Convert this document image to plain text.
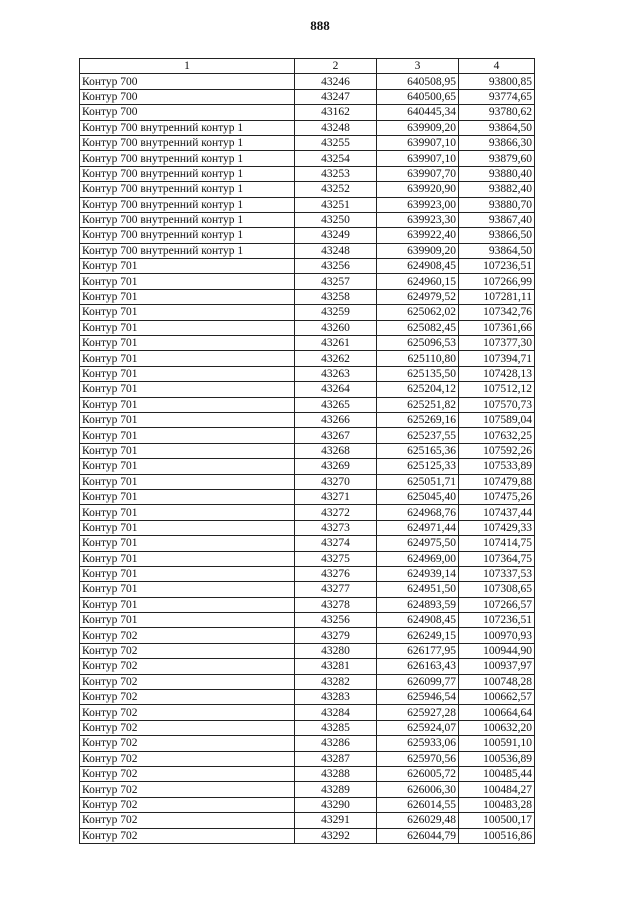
888
1	2	3	4
Контур 700	43246	640508,95	93800,85
Контур 700	43247	640500,65	93774,65
Контур 700	43162	640445,34	93780,62
Контур 700 внутренний контур 1	43248	639909,20	93864,50
Контур 700 внутренний контур 1	43255	639907,10	93866,30
Контур 700 внутренний контур 1	43254	639907,10	93879,60
Контур 700 внутренний контур 1	43253	639907,70	93880,40
Контур 700 внутренний контур 1	43252	639920,90	93882,40
Контур 700 внутренний контур 1	43251	639923,00	93880,70
Контур 700 внутренний контур 1	43250	639923,30	93867,40
Контур 700 внутренний контур 1	43249	639922,40	93866,50
Контур 700 внутренний контур 1	43248	639909,20	93864,50
Контур 701	43256	624908,45	107236,51
Контур 701	43257	624960,15	107266,99
Контур 701	43258	624979,52	107281,11
Контур 701	43259	625062,02	107342,76
Контур 701	43260	625082,45	107361,66
Контур 701	43261	625096,53	107377,30
Контур 701	43262	625110,80	107394,71
Контур 701	43263	625135,50	107428,13
Контур 701	43264	625204,12	107512,12
Контур 701	43265	625251,82	107570,73
Контур 701	43266	625269,16	107589,04
Контур 701	43267	625237,55	107632,25
Контур 701	43268	625165,36	107592,26
Контур 701	43269	625125,33	107533,89
Контур 701	43270	625051,71	107479,88
Контур 701	43271	625045,40	107475,26
Контур 701	43272	624968,76	107437,44
Контур 701	43273	624971,44	107429,33
Контур 701	43274	624975,50	107414,75
Контур 701	43275	624969,00	107364,75
Контур 701	43276	624939,14	107337,53
Контур 701	43277	624951,50	107308,65
Контур 701	43278	624893,59	107266,57
Контур 701	43256	624908,45	107236,51
Контур 702	43279	626249,15	100970,93
Контур 702	43280	626177,95	100944,90
Контур 702	43281	626163,43	100937,97
Контур 702	43282	626099,77	100748,28
Контур 702	43283	625946,54	100662,57
Контур 702	43284	625927,28	100664,64
Контур 702	43285	625924,07	100632,20
Контур 702	43286	625933,06	100591,10
Контур 702	43287	625970,56	100536,89
Контур 702	43288	626005,72	100485,44
Контур 702	43289	626006,30	100484,27
Контур 702	43290	626014,55	100483,28
Контур 702	43291	626029,48	100500,17
Контур 702	43292	626044,79	100516,86
